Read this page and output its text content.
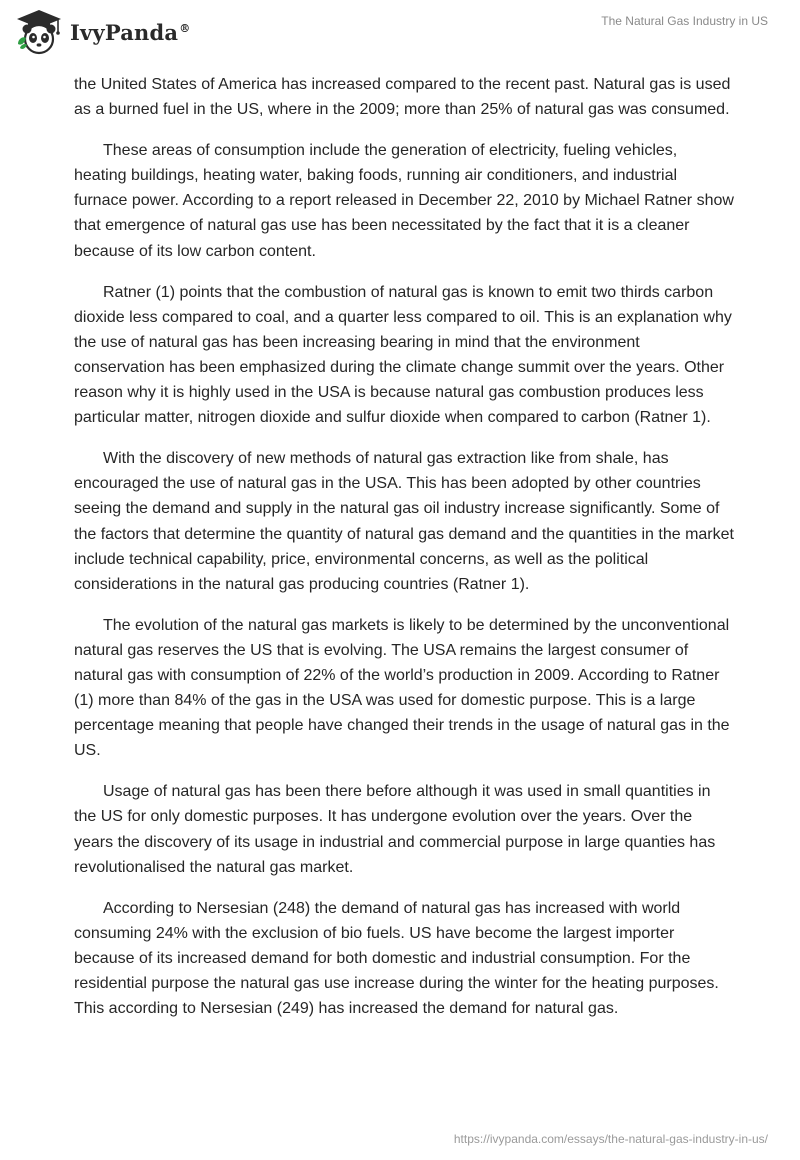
IvyPanda®	The Natural Gas Industry in US

the United States of America has increased compared to the recent past. Natural gas is used as a burned fuel in the US, where in the 2009; more than 25% of natural gas was consumed.

These areas of consumption include the generation of electricity, fueling vehicles, heating buildings, heating water, baking foods, running air conditioners, and industrial furnace power. According to a report released in December 22, 2010 by Michael Ratner show that emergence of natural gas use has been necessitated by the fact that it is a cleaner because of its low carbon content.

Ratner (1) points that the combustion of natural gas is known to emit two thirds carbon dioxide less compared to coal, and a quarter less compared to oil. This is an explanation why the use of natural gas has been increasing bearing in mind that the environment conservation has been emphasized during the climate change summit over the years. Other reason why it is highly used in the USA is because natural gas combustion produces less particular matter, nitrogen dioxide and sulfur dioxide when compared to carbon (Ratner 1).

With the discovery of new methods of natural gas extraction like from shale, has encouraged the use of natural gas in the USA. This has been adopted by other countries seeing the demand and supply in the natural gas oil industry increase significantly. Some of the factors that determine the quantity of natural gas demand and the quantities in the market include technical capability, price, environmental concerns, as well as the political considerations in the natural gas producing countries (Ratner 1).

The evolution of the natural gas markets is likely to be determined by the unconventional natural gas reserves the US that is evolving. The USA remains the largest consumer of natural gas with consumption of 22% of the world’s production in 2009. According to Ratner (1) more than 84% of the gas in the USA was used for domestic purpose. This is a large percentage meaning that people have changed their trends in the usage of natural gas in the US.

Usage of natural gas has been there before although it was used in small quantities in the US for only domestic purposes. It has undergone evolution over the years. Over the years the discovery of its usage in industrial and commercial purpose in large quanties has revolutionalised the natural gas market.

According to Nersesian (248) the demand of natural gas has increased with world consuming 24% with the exclusion of bio fuels. US have become the largest importer because of its increased demand for both domestic and industrial consumption. For the residential purpose the natural gas use increase during the winter for the heating purposes. This according to Nersesian (249) has increased the demand for natural gas.

https://ivypanda.com/essays/the-natural-gas-industry-in-us/
